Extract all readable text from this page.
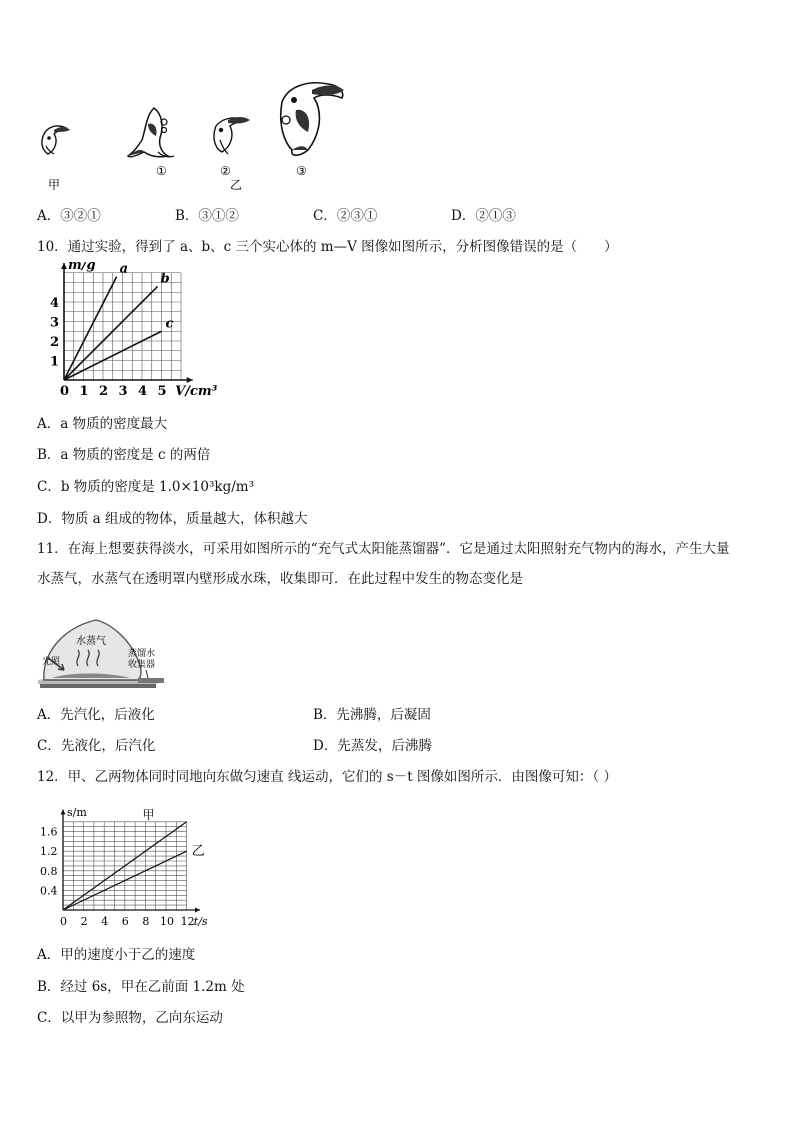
甲
①	②
乙
③
A．③②①	B．③①②	C．②③①	D．②①③
10．通过实验，得到了 a、b、c 三个实心体的 m—V 图像如图所示，分析图像错误的是（　　）
0 1 2 3 4 5
1
2
3
4
V/cm³
m/g a
b
c
A．a 物质的密度最大
B．a 物质的密度是 c 的两倍
C．b 物质的密度是 1.0×10³kg/m³
D．物质 a 组成的物体，质量越大，体积越大
11．在海上想要获得淡水，可采用如图所示的“充气式太阳能蒸馏器”．它是通过太阳照射充气物内的海水，产生大量
水蒸气，水蒸气在透明罩内壁形成水珠，收集即可．在此过程中发生的物态变化是
水蒸气
光照
蒸馏水
收集器
A．先汽化，后液化	B．先沸腾，后凝固
C．先液化，后汽化	D．先蒸发，后沸腾
12．甲、乙两物体同时同地向东做匀速直 线运动，它们的 s－t 图像如图所示．由图像可知：（ ）
0 2 4 6 8 10 12
0.4
0.8
1.2
1.6
t/s
s/m	甲
乙
A．甲的速度小于乙的速度
B．经过 6s，甲在乙前面 1.2m 处
C．以甲为参照物，乙向东运动
